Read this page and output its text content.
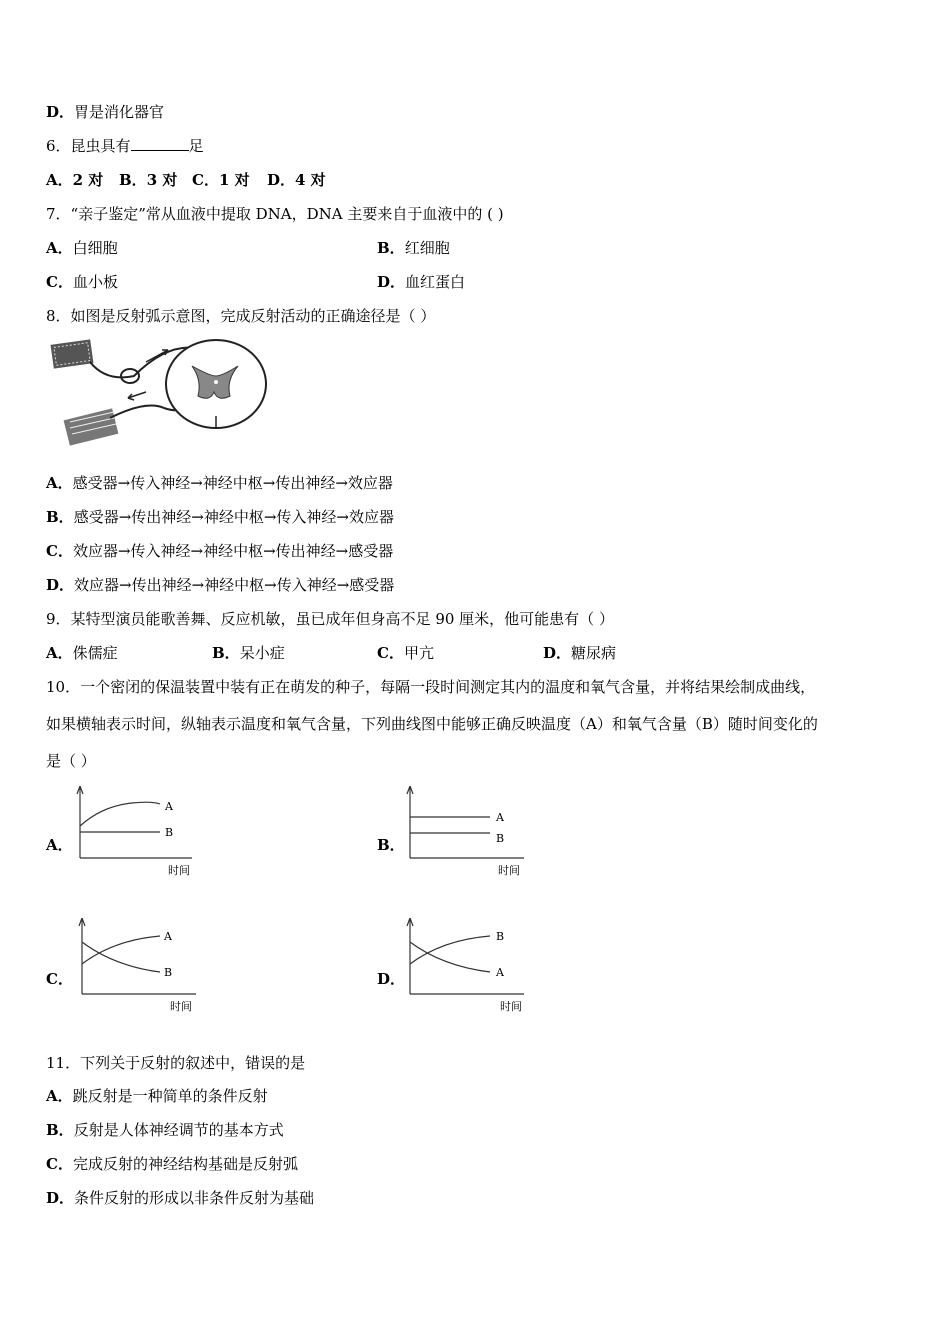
D．胃是消化器官
6．昆虫具有	足
A．2 对 B．3 对 C．1 对 D．4 对
7．“亲子鉴定”常从血液中提取 DNA，DNA 主要来自于血液中的 ( )
A．白细胞	B．红细胞
C．血小板	D．血红蛋白
8．如图是反射弧示意图，完成反射活动的正确途径是（ ）
A．感受器→传入神经→神经中枢→传出神经→效应器
B．感受器→传出神经→神经中枢→传入神经→效应器
C．效应器→传入神经→神经中枢→传出神经→感受器
D．效应器→传出神经→神经中枢→传入神经→感受器
9．某特型演员能歌善舞、反应机敏，虽已成年但身高不足 90 厘米，他可能患有（ ）
A．侏儒症	B．呆小症	C．甲亢	D．糖尿病
10．一个密闭的保温装置中装有正在萌发的种子，每隔一段时间测定其内的温度和氧气含量，并将结果绘制成曲线，
如果横轴表示时间，纵轴表示温度和氧气含量，下列曲线图中能够正确反映温度（A）和氧气含量（B）随时间变化的
是（ ）
A．
A
B
时间
B．
A
B
时间
C．
A
B
时间
D．
B
A
时间
11．下列关于反射的叙述中，错误的是
A．跳反射是一种简单的条件反射
B．反射是人体神经调节的基本方式
C．完成反射的神经结构基础是反射弧
D．条件反射的形成以非条件反射为基础
